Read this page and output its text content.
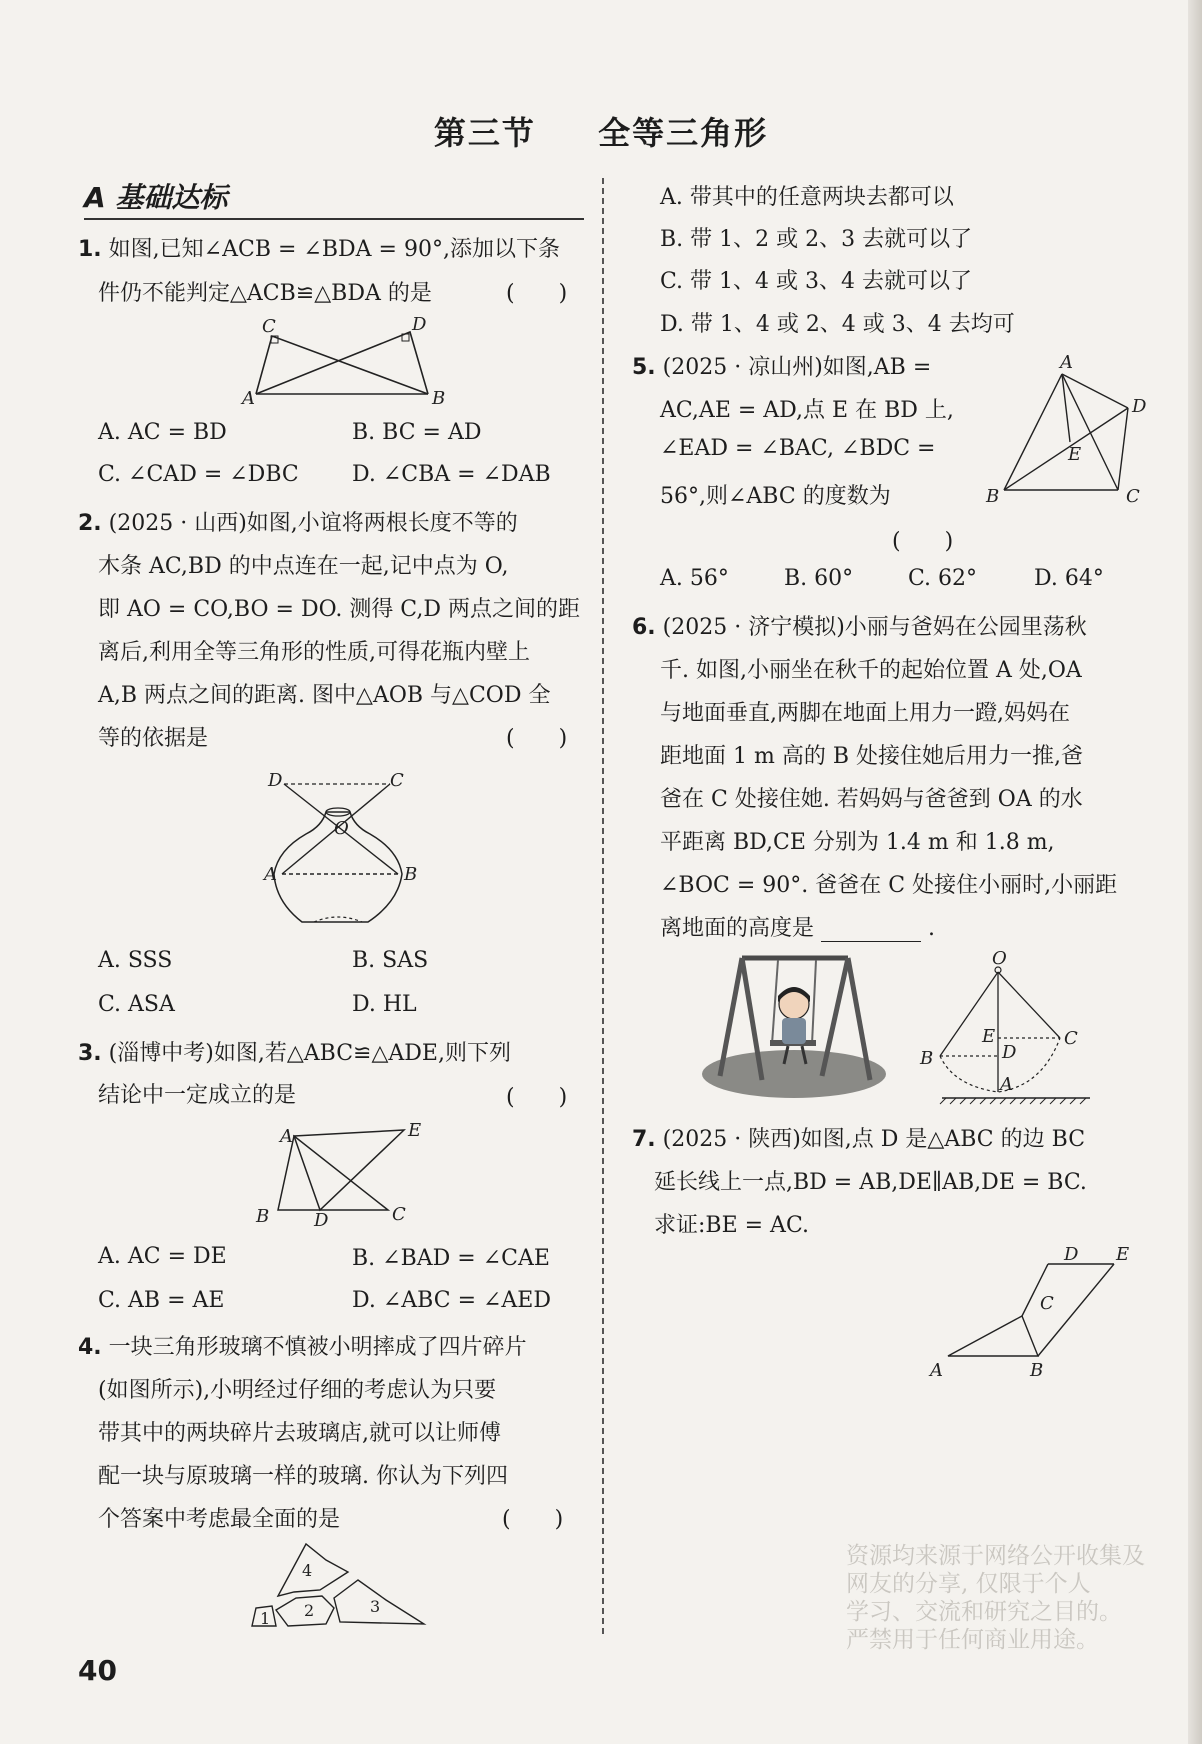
第三节 全等三角形
A 基础达标
1. 如图,已知∠ACB = ∠BDA = 90°,添加以下条
件仍不能判定△ACB≌△BDA 的是	(　　)
C	D
A	B
A. AC = BD	B. BC = AD
C. ∠CAD = ∠DBC D. ∠CBA = ∠DAB
2. (2025 · 山西)如图,小谊将两根长度不等的
木条 AC,BD 的中点连在一起,记中点为 O,
即 AO = CO,BO = DO. 测得 C,D 两点之间的距
离后,利用全等三角形的性质,可得花瓶内壁上
A,B 两点之间的距离. 图中△AOB 与△COD 全
等的依据是	(　　)
D	C
O
A	B
A. SSS	B. SAS
C. ASA	D. HL
3. (淄博中考)如图,若△ABC≌△ADE,则下列
结论中一定成立的是	(　　)
A	E
B D	C
A. AC = DE	B. ∠BAD = ∠CAE
C. AB = AE	D. ∠ABC = ∠AED
4. 一块三角形玻璃不慎被小明摔成了四片碎片
(如图所示),小明经过仔细的考虑认为只要
带其中的两块碎片去玻璃店,就可以让师傅
配一块与原玻璃一样的玻璃. 你认为下列四
个答案中考虑最全面的是	(　　)
1 2	3
4
A. 带其中的任意两块去都可以
B. 带 1、2 或 2、3 去就可以了
C. 带 1、4 或 3、4 去就可以了
D. 带 1、4 或 2、4 或 3、4 去均可
5. (2025 · 凉山州)如图,AB =
AC,AE = AD,点 E 在 BD 上,
∠EAD = ∠BAC, ∠BDC =
56°,则∠ABC 的度数为
(　　)
A
D
E
B	C
A. 56°	B. 60° C. 62°	D. 64°
6. (2025 · 济宁模拟)小丽与爸妈在公园里荡秋
千. 如图,小丽坐在秋千的起始位置 A 处,OA
与地面垂直,两脚在地面上用力一蹬,妈妈在
距地面 1 m 高的 B 处接住她后用力一推,爸
爸在 C 处接住她. 若妈妈与爸爸到 OA 的水
平距离 BD,CE 分别为 1.4 m 和 1.8 m,
∠BOC = 90°. 爸爸在 C 处接住小丽时,小丽距
离地面的高度是	.
O
B
E
D
C
A
7. (2025 · 陕西)如图,点 D 是△ABC 的边 BC
延长线上一点,BD = AB,DE∥AB,DE = BC.
求证:BE = AC.
D E
C
A	B
40
资源均来源于网络公开收集及
网友的分享, 仅限于个人
学习、交流和研究之目的。
严禁用于任何商业用途。
